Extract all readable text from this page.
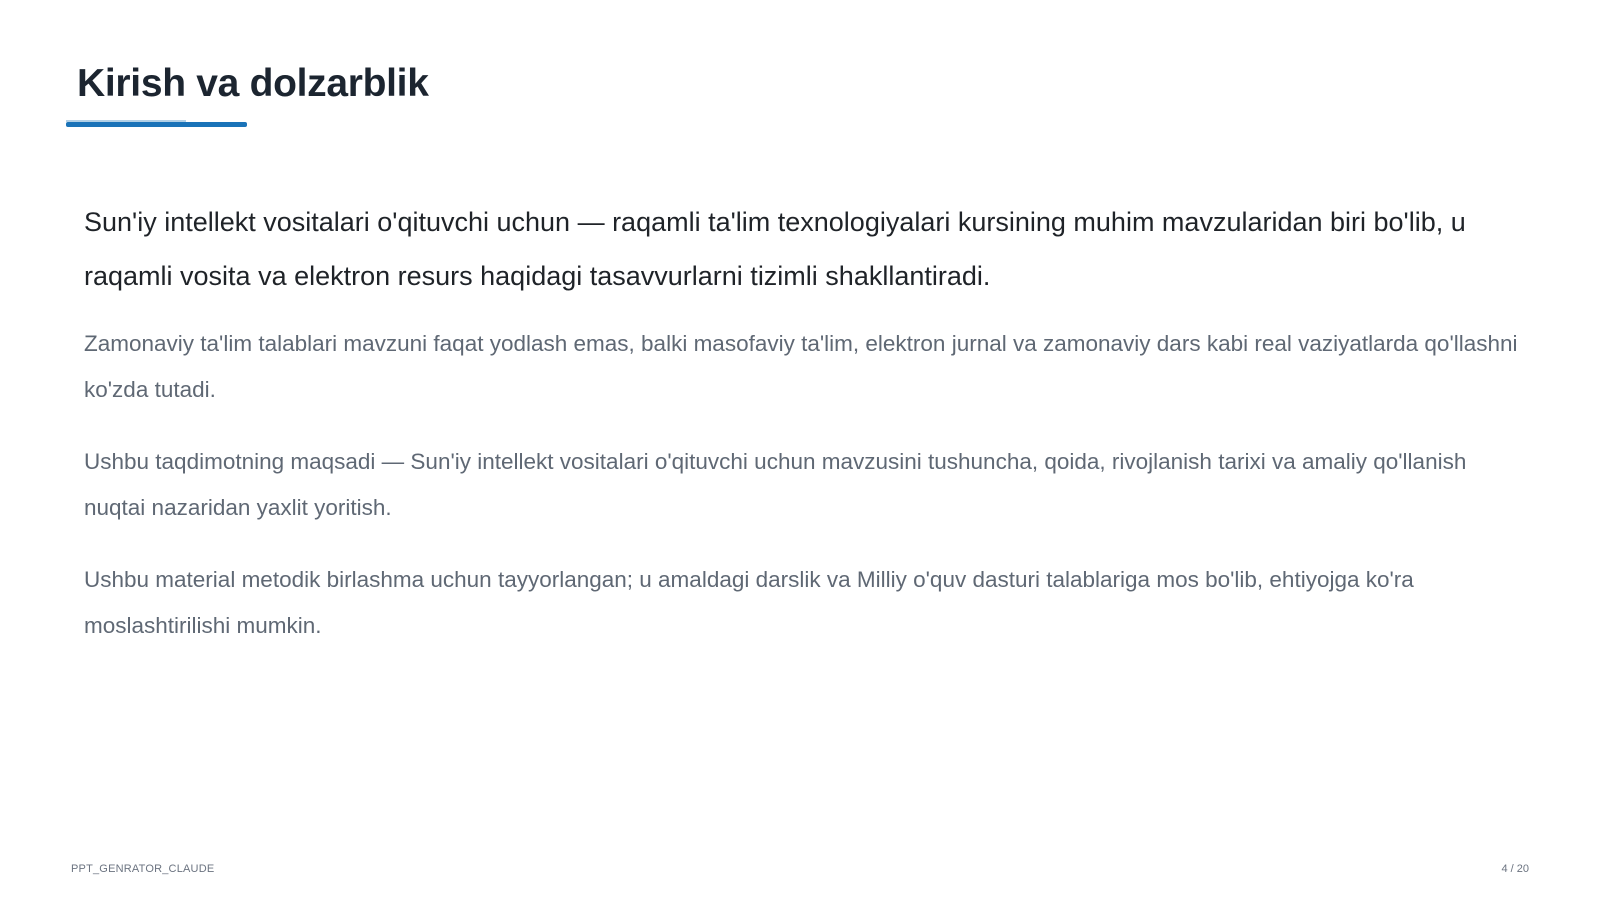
Kirish va dolzarblik

Sun'iy intellekt vositalari o'qituvchi uchun — raqamli ta'lim texnologiyalari kursining muhim mavzularidan biri bo'lib, u raqamli vosita va elektron resurs haqidagi tasavvurlarni tizimli shakllantiradi.

Zamonaviy ta'lim talablari mavzuni faqat yodlash emas, balki masofaviy ta'lim, elektron jurnal va zamonaviy dars kabi real vaziyatlarda qo'llashni ko'zda tutadi.

Ushbu taqdimotning maqsadi — Sun'iy intellekt vositalari o'qituvchi uchun mavzusini tushuncha, qoida, rivojlanish tarixi va amaliy qo'llanish nuqtai nazaridan yaxlit yoritish.

Ushbu material metodik birlashma uchun tayyorlangan; u amaldagi darslik va Milliy o'quv dasturi talablariga mos bo'lib, ehtiyojga ko'ra moslashtirilishi mumkin.

PPT_GENRATOR_CLAUDE	4 / 20
